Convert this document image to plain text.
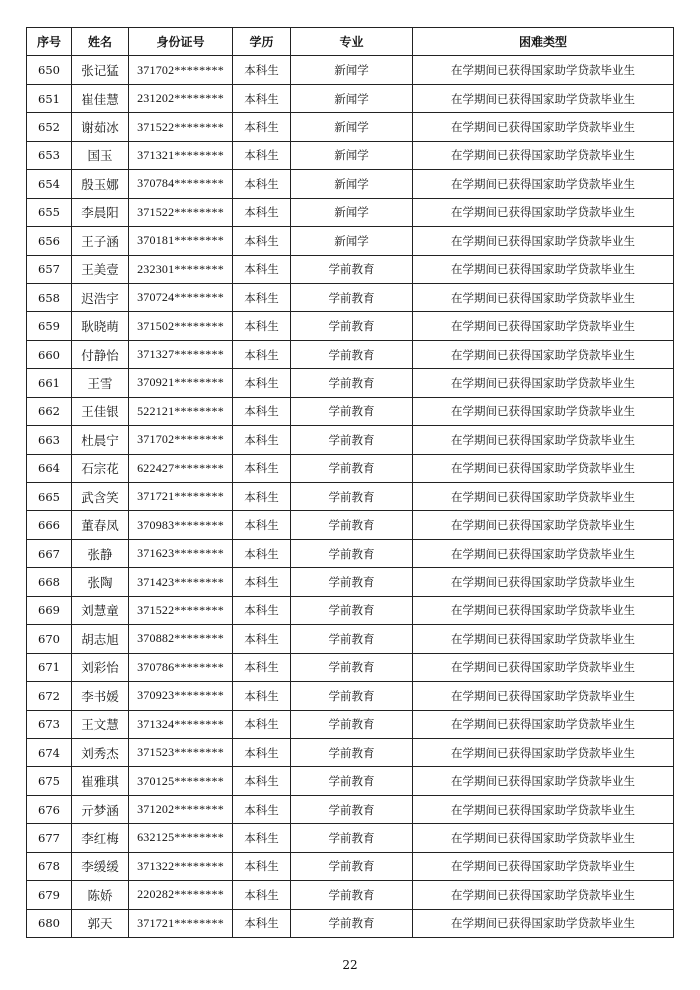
序号	姓名	身份证号	学历	专业	困难类型
650	张记猛	371702********	本科生	新闻学	在学期间已获得国家助学贷款毕业生
651	崔佳慧	231202********	本科生	新闻学	在学期间已获得国家助学贷款毕业生
652	谢茹冰	371522********	本科生	新闻学	在学期间已获得国家助学贷款毕业生
653	国玉	371321********	本科生	新闻学	在学期间已获得国家助学贷款毕业生
654	殷玉娜	370784********	本科生	新闻学	在学期间已获得国家助学贷款毕业生
655	李晨阳	371522********	本科生	新闻学	在学期间已获得国家助学贷款毕业生
656	王子涵	370181********	本科生	新闻学	在学期间已获得国家助学贷款毕业生
657	王美壹	232301********	本科生	学前教育	在学期间已获得国家助学贷款毕业生
658	迟浩宇	370724********	本科生	学前教育	在学期间已获得国家助学贷款毕业生
659	耿晓萌	371502********	本科生	学前教育	在学期间已获得国家助学贷款毕业生
660	付静怡	371327********	本科生	学前教育	在学期间已获得国家助学贷款毕业生
661	王雪	370921********	本科生	学前教育	在学期间已获得国家助学贷款毕业生
662	王佳银	522121********	本科生	学前教育	在学期间已获得国家助学贷款毕业生
663	杜晨宁	371702********	本科生	学前教育	在学期间已获得国家助学贷款毕业生
664	石宗花	622427********	本科生	学前教育	在学期间已获得国家助学贷款毕业生
665	武含笑	371721********	本科生	学前教育	在学期间已获得国家助学贷款毕业生
666	董春凤	370983********	本科生	学前教育	在学期间已获得国家助学贷款毕业生
667	张静	371623********	本科生	学前教育	在学期间已获得国家助学贷款毕业生
668	张陶	371423********	本科生	学前教育	在学期间已获得国家助学贷款毕业生
669	刘慧童	371522********	本科生	学前教育	在学期间已获得国家助学贷款毕业生
670	胡志旭	370882********	本科生	学前教育	在学期间已获得国家助学贷款毕业生
671	刘彩怡	370786********	本科生	学前教育	在学期间已获得国家助学贷款毕业生
672	李书媛	370923********	本科生	学前教育	在学期间已获得国家助学贷款毕业生
673	王文慧	371324********	本科生	学前教育	在学期间已获得国家助学贷款毕业生
674	刘秀杰	371523********	本科生	学前教育	在学期间已获得国家助学贷款毕业生
675	崔雅琪	370125********	本科生	学前教育	在学期间已获得国家助学贷款毕业生
676	亓梦涵	371202********	本科生	学前教育	在学期间已获得国家助学贷款毕业生
677	李红梅	632125********	本科生	学前教育	在学期间已获得国家助学贷款毕业生
678	李缓缓	371322********	本科生	学前教育	在学期间已获得国家助学贷款毕业生
679	陈娇	220282********	本科生	学前教育	在学期间已获得国家助学贷款毕业生
680	郭天	371721********	本科生	学前教育	在学期间已获得国家助学贷款毕业生
22
